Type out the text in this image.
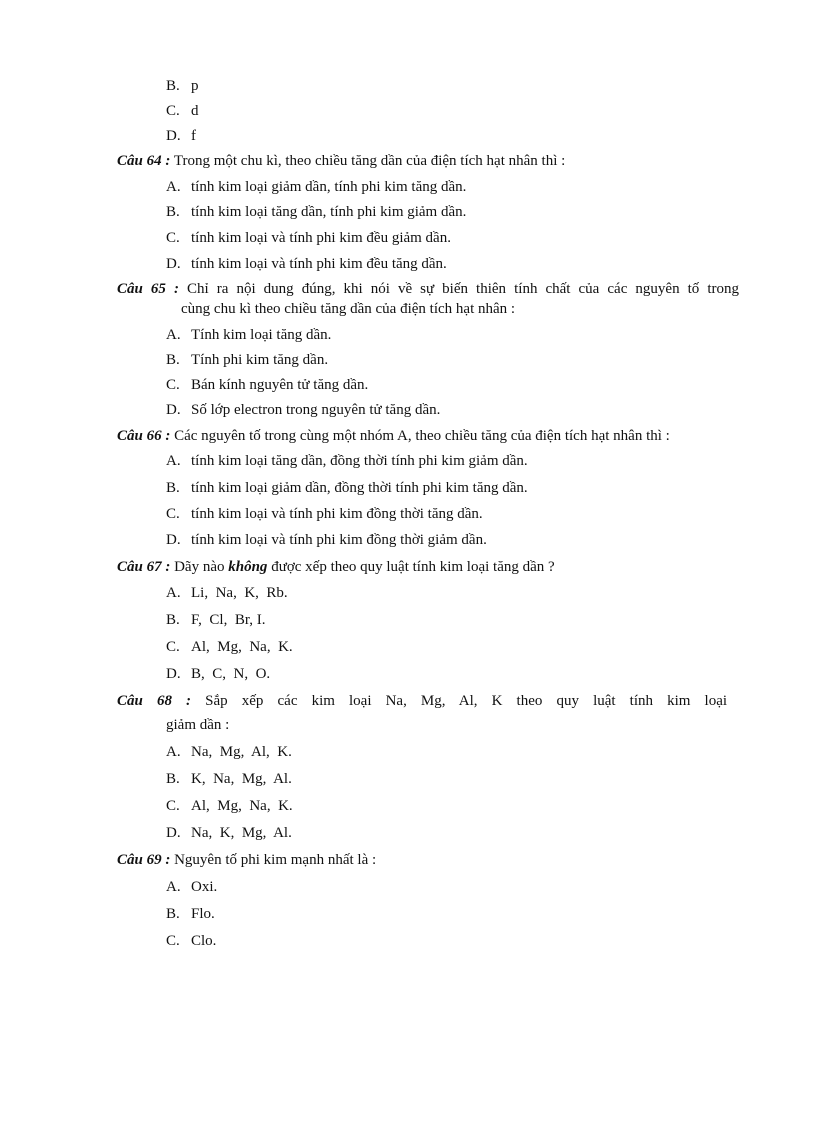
B. p
C. d
D. f
Câu 64 : Trong một chu kì, theo chiều tăng dần của điện tích hạt nhân thì :
A. tính kim loại giảm dần, tính phi kim tăng dần.
B. tính kim loại tăng dần, tính phi kim giảm dần.
C. tính kim loại và tính phi kim đều giảm dần.
D. tính kim loại và tính phi kim đều tăng dần.
Câu 65 : Chỉ ra nội dung đúng, khi nói về sự biến thiên tính chất của các nguyên tố trong
cùng chu kì theo chiều tăng dần của điện tích hạt nhân :
A. Tính kim loại tăng dần.
B. Tính phi kim tăng dần.
C. Bán kính nguyên tử tăng dần.
D. Số lớp electron trong nguyên tử tăng dần.
Câu 66 : Các nguyên tố trong cùng một nhóm A, theo chiều tăng của điện tích hạt nhân thì :
A. tính kim loại tăng dần, đồng thời tính phi kim giảm dần.
B. tính kim loại giảm dần, đồng thời tính phi kim tăng dần.
C. tính kim loại và tính phi kim đồng thời tăng dần.
D. tính kim loại và tính phi kim đồng thời giảm dần.
Câu 67 : Dãy nào không được xếp theo quy luật tính kim loại tăng dần ?
A. Li,  Na,  K,  Rb.
B. F,  Cl,  Br, I.
C. Al,  Mg,  Na,  K.
D. B,  C,  N,  O.
Câu 68 : Sắp xếp các kim loại Na, Mg, Al, K theo quy luật tính kim loại
giảm dần :
A. Na,  Mg,  Al,  K.
B. K,  Na,  Mg,  Al.
C. Al,  Mg,  Na,  K.
D. Na,  K,  Mg,  Al.
Câu 69 : Nguyên tố phi kim mạnh nhất là :
A. Oxi.
B. Flo.
C. Clo.
